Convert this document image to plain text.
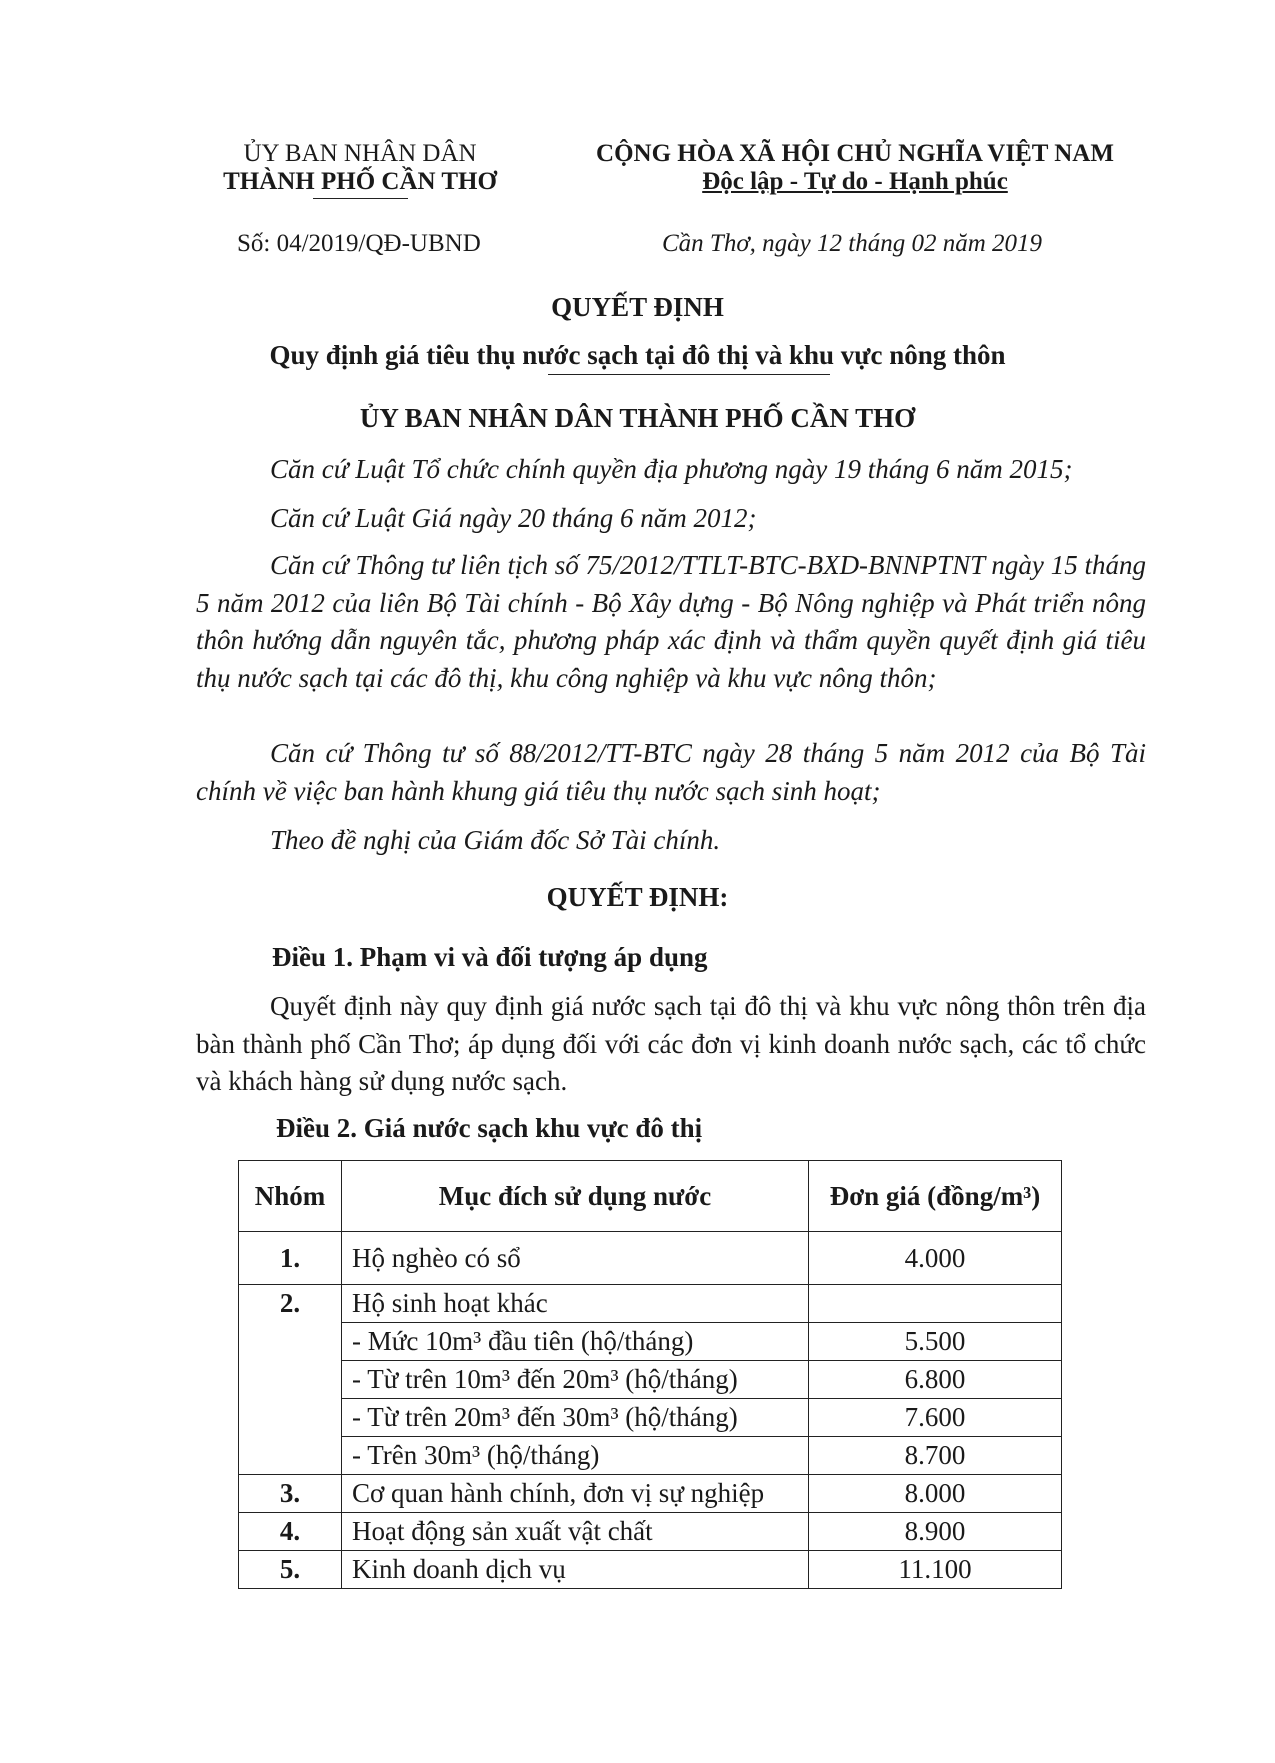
ỦY BAN NHÂN DÂN
THÀNH PHỐ CẦN THƠ
CỘNG HÒA XÃ HỘI CHỦ NGHĨA VIỆT NAM
Độc lập - Tự do - Hạnh phúc
Số: 04/2019/QĐ-UBND	Cần Thơ, ngày 12 tháng 02 năm 2019
QUYẾT ĐỊNH
Quy định giá tiêu thụ nước sạch tại đô thị và khu vực nông thôn
ỦY BAN NHÂN DÂN THÀNH PHỐ CẦN THƠ
Căn cứ Luật Tổ chức chính quyền địa phương ngày 19 tháng 6 năm 2015;
Căn cứ Luật Giá ngày 20 tháng 6 năm 2012;
Căn cứ Thông tư liên tịch số 75/2012/TTLT-BTC-BXD-BNNPTNT ngày 15 tháng 5 năm 2012 của liên Bộ Tài chính - Bộ Xây dựng - Bộ Nông nghiệp và Phát triển nông thôn hướng dẫn nguyên tắc, phương pháp xác định và thẩm quyền quyết định giá tiêu thụ nước sạch tại các đô thị, khu công nghiệp và khu vực nông thôn;
Căn cứ Thông tư số 88/2012/TT-BTC ngày 28 tháng 5 năm 2012 của Bộ Tài chính về việc ban hành khung giá tiêu thụ nước sạch sinh hoạt;
Theo đề nghị của Giám đốc Sở Tài chính.
QUYẾT ĐỊNH:
Điều 1. Phạm vi và đối tượng áp dụng
Quyết định này quy định giá nước sạch tại đô thị và khu vực nông thôn trên địa bàn thành phố Cần Thơ; áp dụng đối với các đơn vị kinh doanh nước sạch, các tổ chức và khách hàng sử dụng nước sạch.
Điều 2. Giá nước sạch khu vực đô thị
Nhóm	Mục đích sử dụng nước	Đơn giá (đồng/m³)
1.	Hộ nghèo có sổ	4.000
2.	Hộ sinh hoạt khác	
	- Mức 10m³ đầu tiên (hộ/tháng)	5.500
	- Từ trên 10m³ đến 20m³ (hộ/tháng)	6.800
	- Từ trên 20m³ đến 30m³ (hộ/tháng)	7.600
	- Trên 30m³ (hộ/tháng)	8.700
3.	Cơ quan hành chính, đơn vị sự nghiệp	8.000
4.	Hoạt động sản xuất vật chất	8.900
5.	Kinh doanh dịch vụ	11.100
